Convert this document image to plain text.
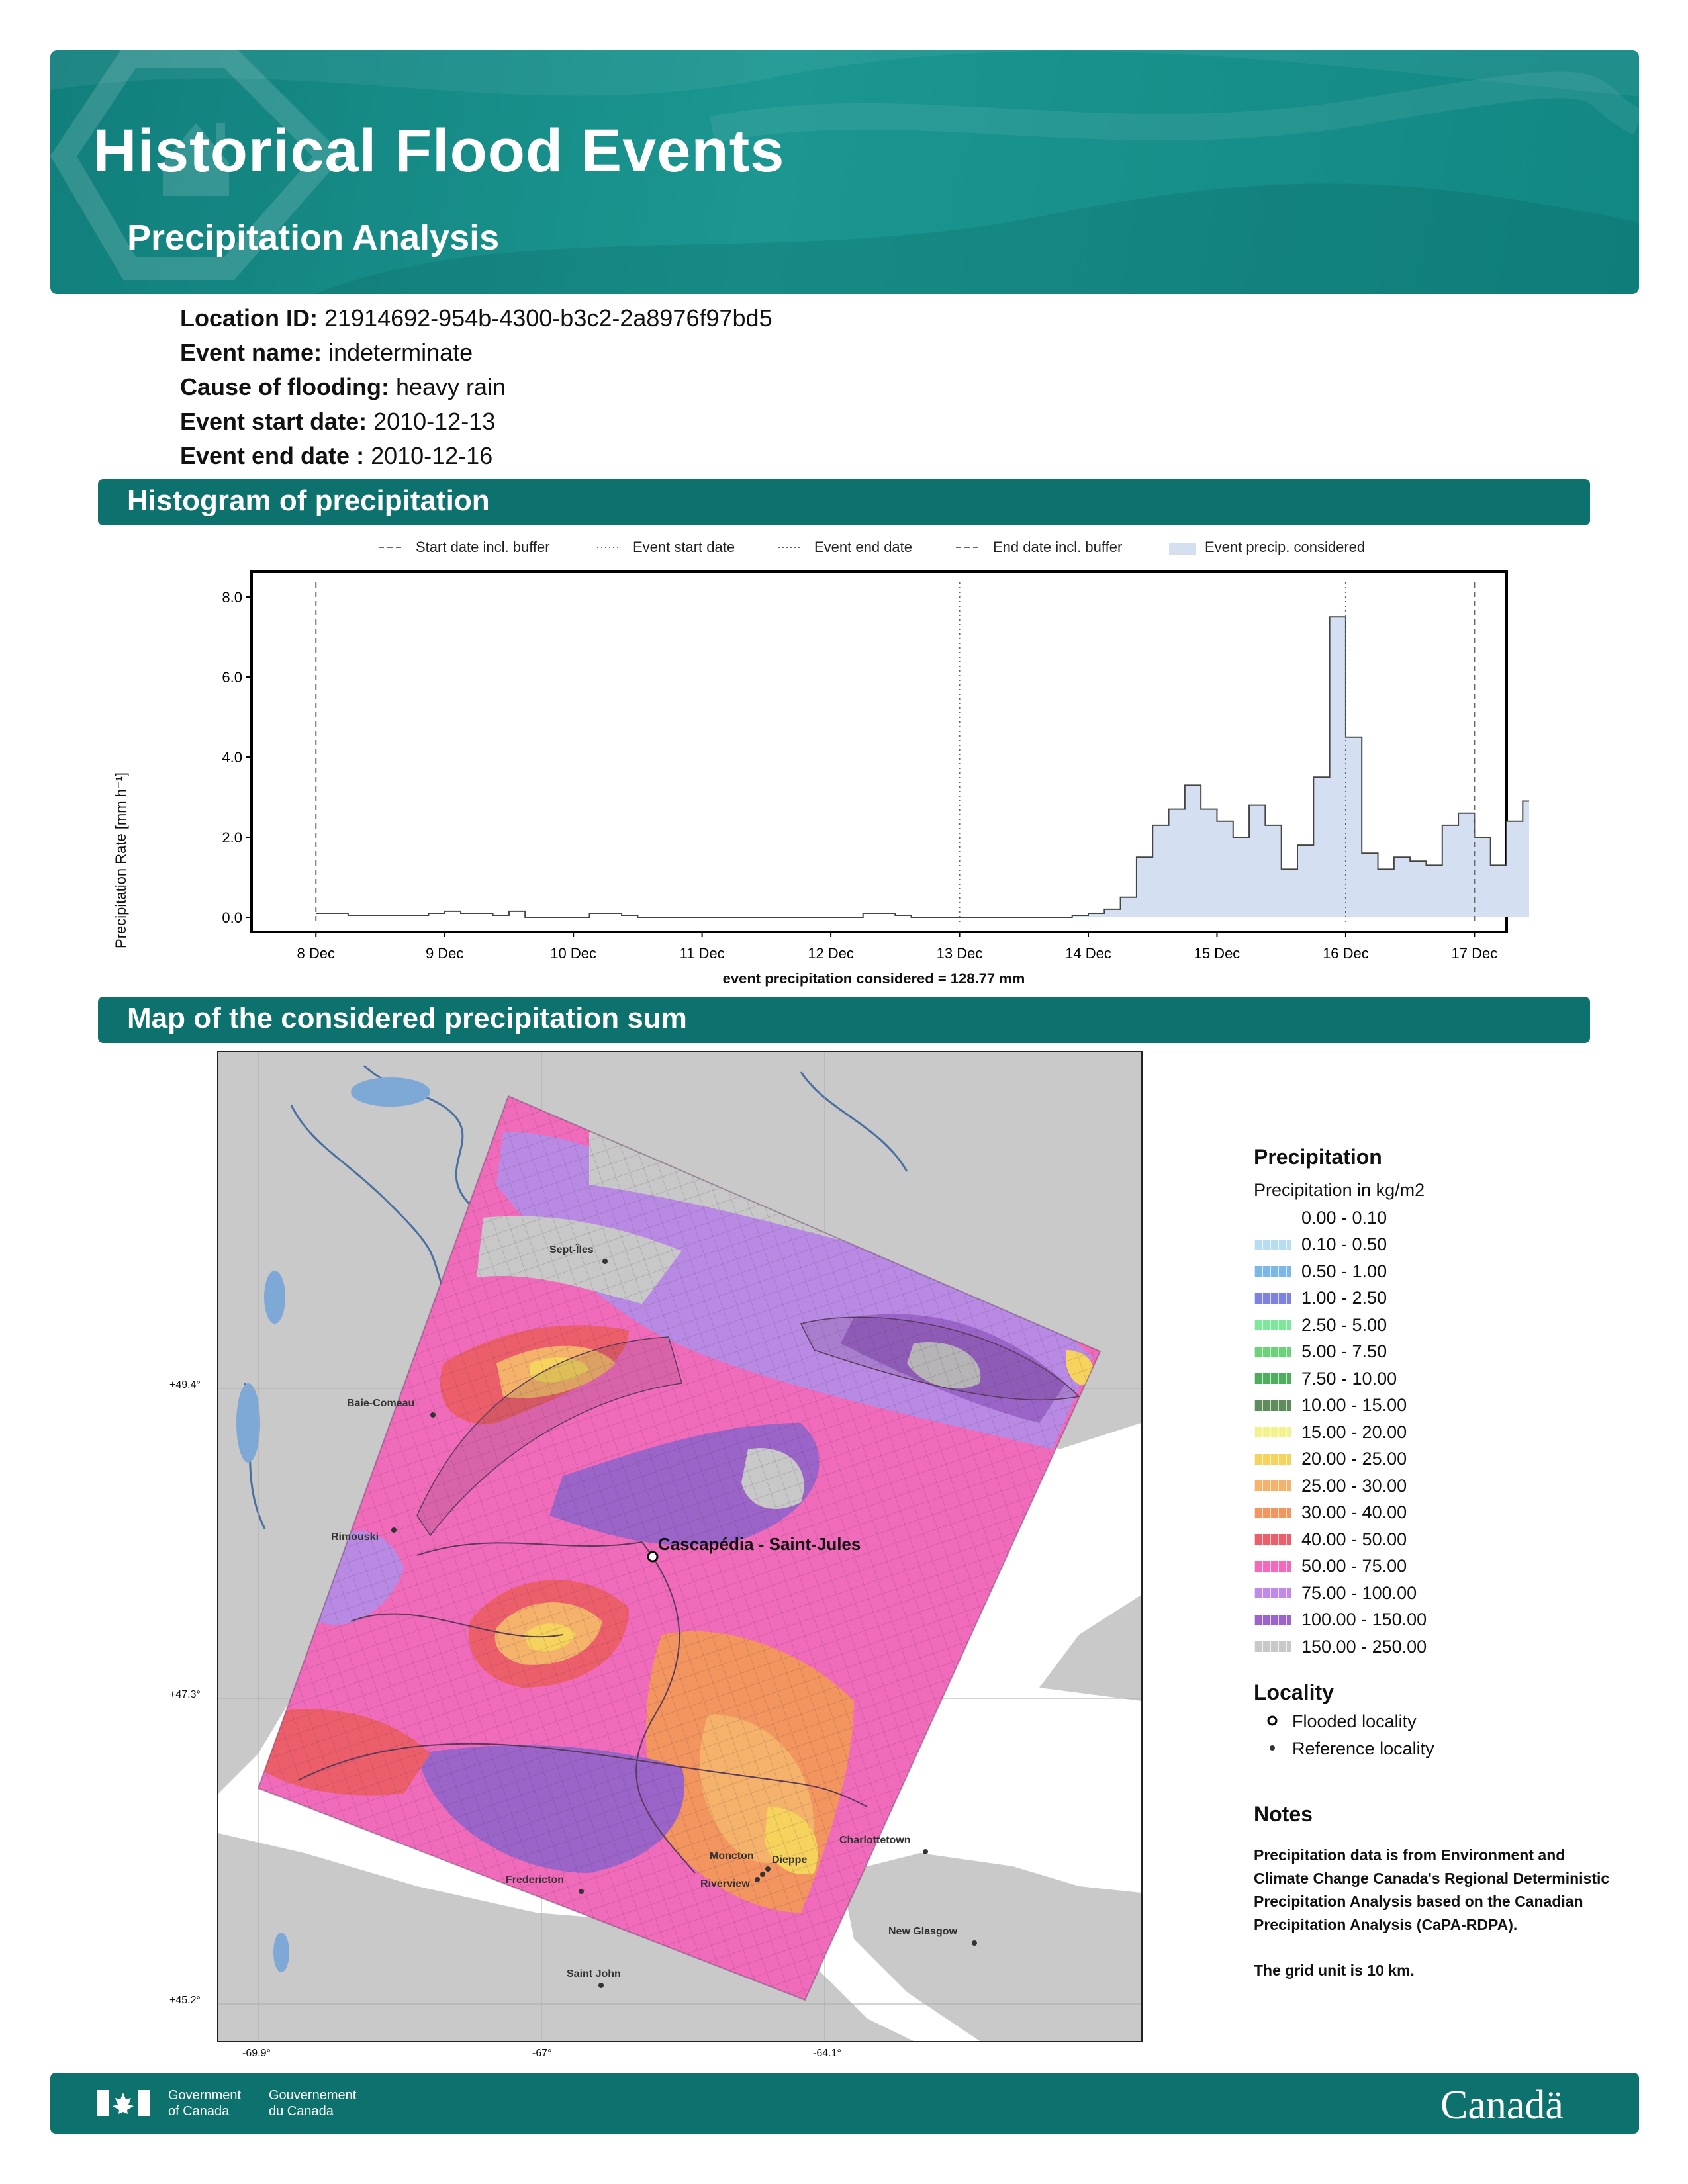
Historical Flood Events
Precipitation Analysis
Location ID: 21914692-954b-4300-b3c2-2a8976f97bd5
Event name: indeterminate
Cause of flooding: heavy rain
Event start date: 2010-12-13
Event end date : 2010-12-16
Histogram of precipitation
Start date incl. buffer	Event start date	Event end date	End date incl. buffer	Event precip. considered
0.0
2.0
4.0
6.0
8.0
8 Dec	9 Dec	10 Dec	11 Dec	12 Dec	13 Dec	14 Dec	15 Dec	16 Dec	17 Dec
Precipitation Rate [mm h⁻¹]
event precipitation considered = 128.77 mm
Map of the considered precipitation sum
Sept-Îles
Baie-Comeau
Rimouski	Cascapédia - Saint-Jules
Fredericton
Moncton Dieppe
Riverview
Charlottetown
New Glasgow
Saint John
+49.4°
+47.3°
+45.2°
-69.9°	-67°	-64.1°
Precipitation
Precipitation in kg/m2
0.00 - 0.10
0.10 - 0.50
0.50 - 1.00
1.00 - 2.50
2.50 - 5.00
5.00 - 7.50
7.50 - 10.00
10.00 - 15.00
15.00 - 20.00
20.00 - 25.00
25.00 - 30.00
30.00 - 40.00
40.00 - 50.00
50.00 - 75.00
75.00 - 100.00
100.00 - 150.00
150.00 - 250.00
Locality
Flooded locality
Reference locality
Notes
Precipitation data is from Environment and Climate Change Canada's Regional Deterministic Precipitation Analysis based on the Canadian Precipitation Analysis (CaPA-RDPA).
The grid unit is 10 km.
Government
of Canada
Gouvernement
du Canada	Canadä
